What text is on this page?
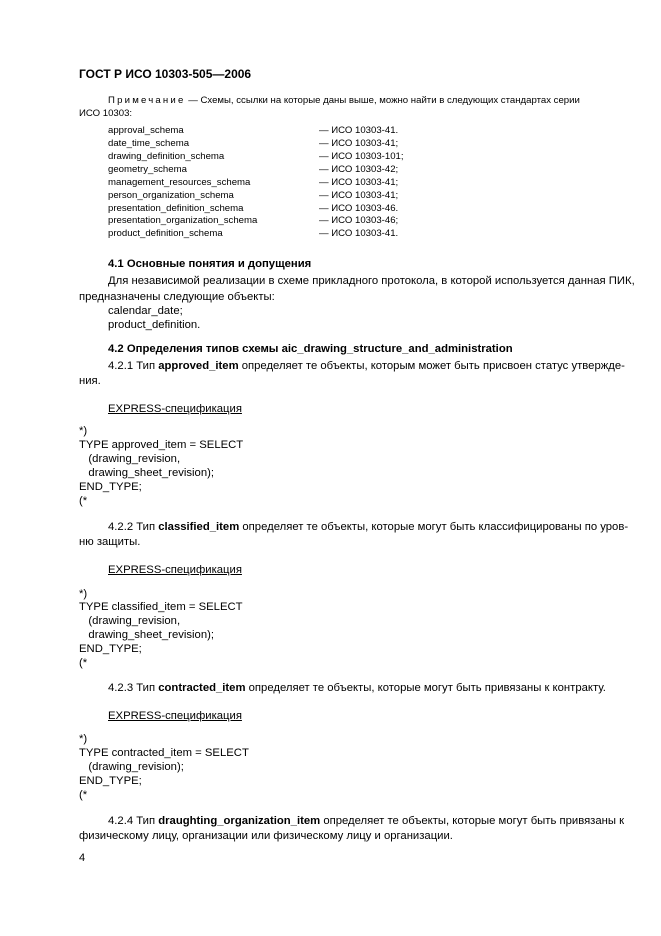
ГОСТ Р ИСО 10303-505—2006
Примечание — Схемы, ссылки на которые даны выше, можно найти в следующих стандартах серии
ИСО 10303:
approval_schema	— ИСО 10303-41.
date_time_schema	— ИСО 10303-41;
drawing_definition_schema	— ИСО 10303-101;
geometry_schema	— ИСО 10303-42;
management_resources_schema	— ИСО 10303-41;
person_organization_schema	— ИСО 10303-41;
presentation_definition_schema	— ИСО 10303-46.
presentation_organization_schema	— ИСО 10303-46;
product_definition_schema	— ИСО 10303-41.
4.1 Основные понятия и допущения
Для независимой реализации в схеме прикладного протокола, в которой используется данная ПИК,
предназначены следующие объекты:
calendar_date;
product_definition.
4.2 Определения типов схемы aic_drawing_structure_and_administration
4.2.1 Тип approved_item определяет те объекты, которым может быть присвоен статус утвержде-
ния.
EXPRESS-спецификация
*)
TYPE approved_item = SELECT
(drawing_revision,
drawing_sheet_revision);
END_TYPE;
(*
4.2.2 Тип classified_item определяет те объекты, которые могут быть классифицированы по уров-
ню защиты.
EXPRESS-спецификация
*)
TYPE classified_item = SELECT
(drawing_revision,
drawing_sheet_revision);
END_TYPE;
(*
4.2.3 Тип contracted_item определяет те объекты, которые могут быть привязаны к контракту.
EXPRESS-спецификация
*)
TYPE contracted_item = SELECT
(drawing_revision);
END_TYPE;
(*
4.2.4 Тип draughting_organization_item определяет те объекты, которые могут быть привязаны к
физическому лицу, организации или физическому лицу и организации.
4
